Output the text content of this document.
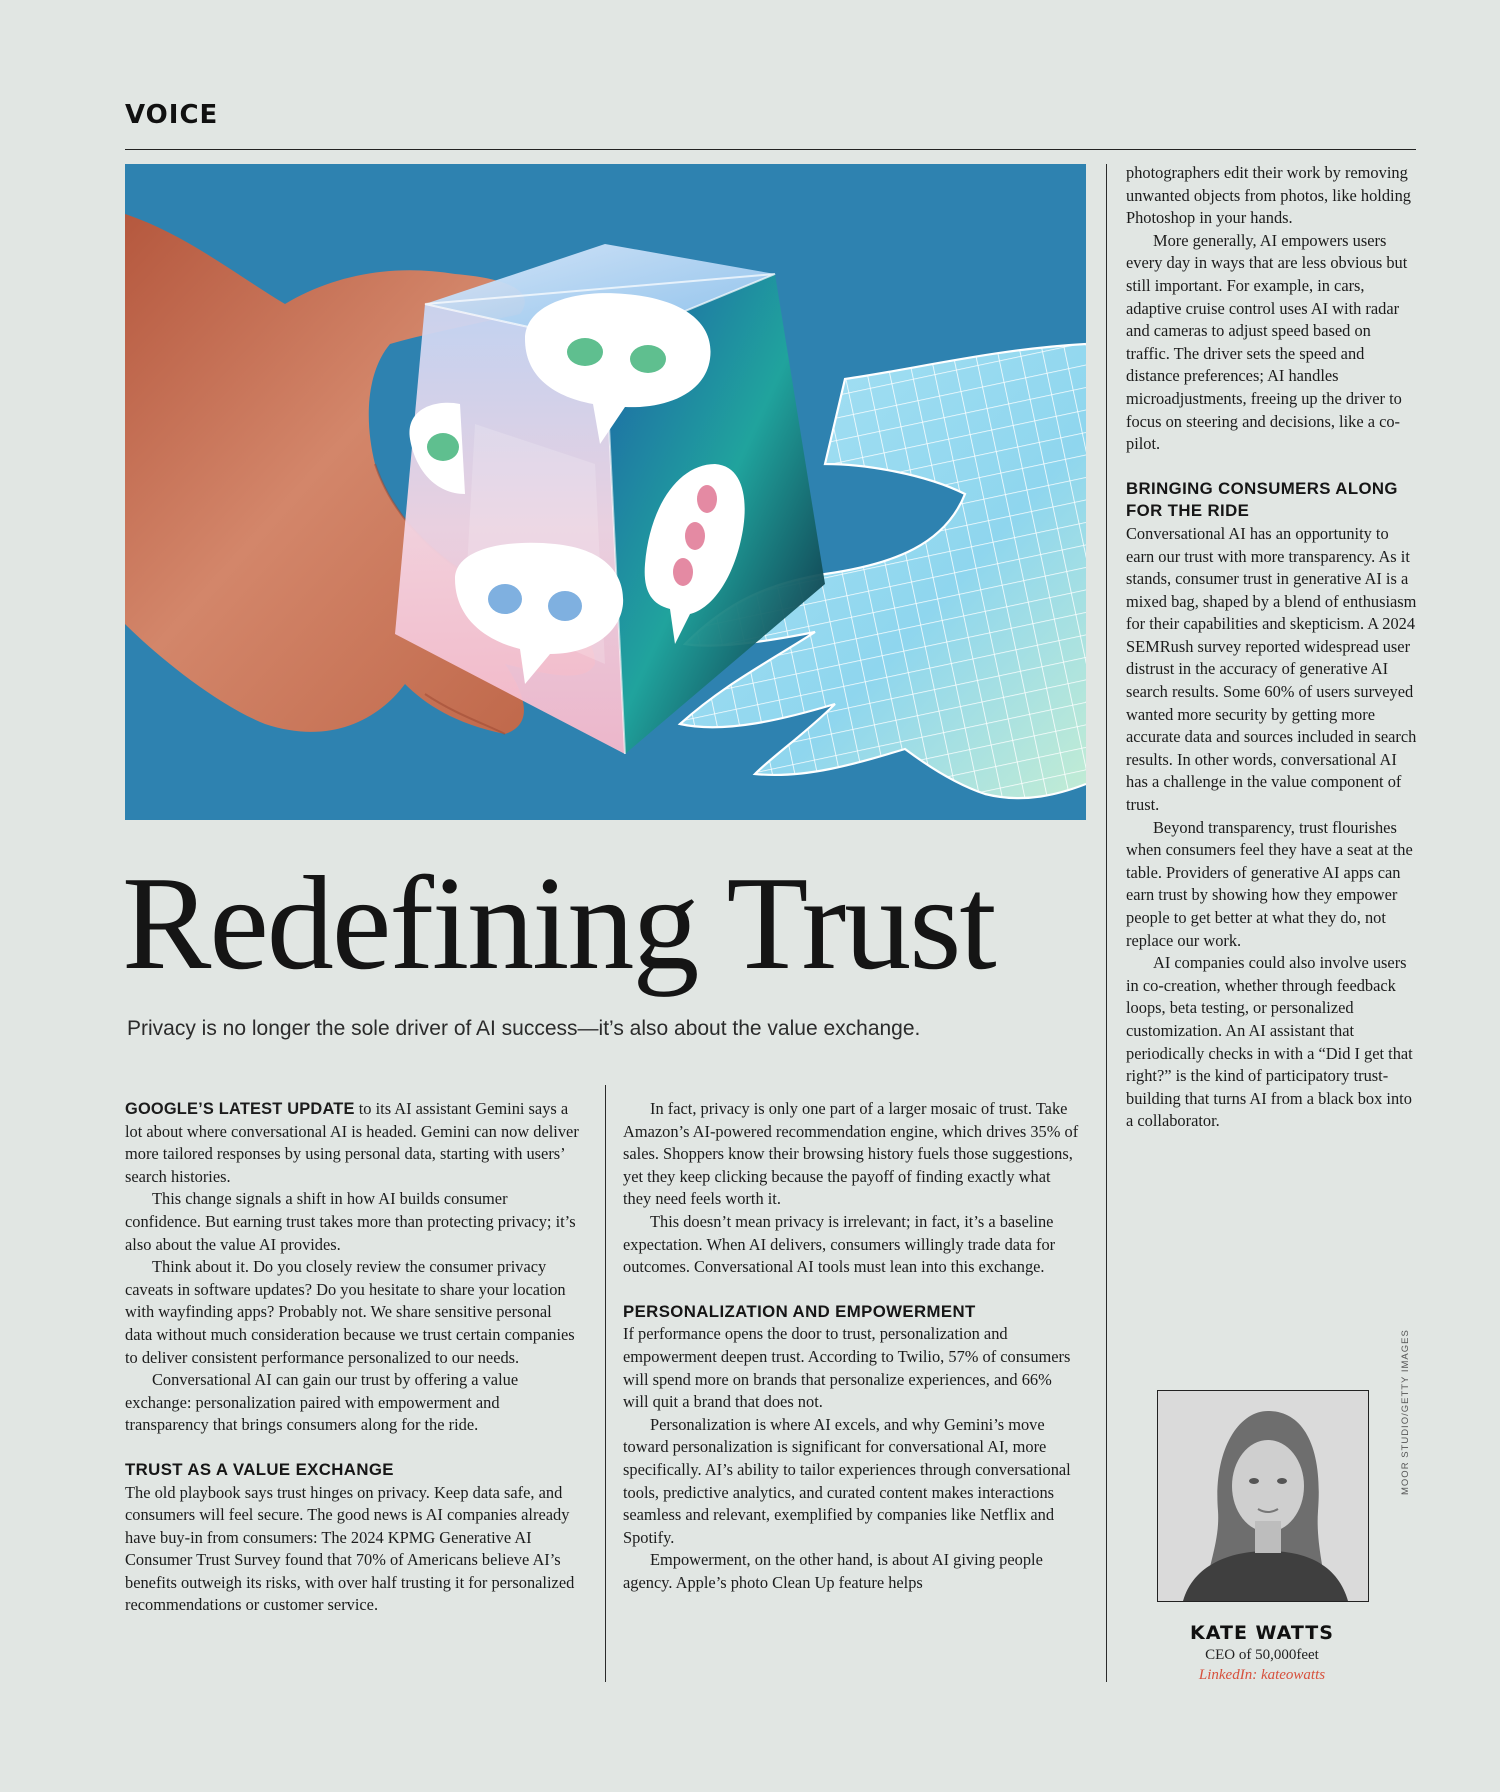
VOICE
Redefining Trust
Privacy is no longer the sole driver of AI success—it’s also about the value exchange.

GOOGLE’S LATEST UPDATE to its AI assistant Gemini says a lot about where conversational AI is headed. Gemini can now deliver more tailored responses by using personal data, starting with users’ search histories.

This change signals a shift in how AI builds consumer confidence. But earning trust takes more than protecting privacy; it’s also about the value AI provides.

Think about it. Do you closely review the consumer privacy caveats in software updates? Do you hesitate to share your location with wayfinding apps? Probably not. We share sensitive personal data without much consideration because we trust certain companies to deliver consistent performance personalized to our needs.

Conversational AI can gain our trust by offering a value exchange: personalization paired with empowerment and transparency that brings consumers along for the ride.

TRUST AS A VALUE EXCHANGE

The old playbook says trust hinges on privacy. Keep data safe, and consumers will feel secure. The good news is AI companies already have buy-in from consumers: The 2024 KPMG Generative AI Consumer Trust Survey found that 70% of Americans believe AI’s benefits outweigh its risks, with over half trusting it for personalized recommendations or customer service.

In fact, privacy is only one part of a larger mosaic of trust. Take Amazon’s AI-powered recommendation engine, which drives 35% of sales. Shoppers know their browsing history fuels those suggestions, yet they keep clicking because the payoff of finding exactly what they need feels worth it.

This doesn’t mean privacy is irrelevant; in fact, it’s a baseline expectation. When AI delivers, consumers willingly trade data for outcomes. Conversational AI tools must lean into this exchange.

PERSONALIZATION AND EMPOWERMENT

If performance opens the door to trust, personalization and empowerment deepen trust. According to Twilio, 57% of consumers will spend more on brands that personalize experiences, and 66% will quit a brand that does not.

Personalization is where AI excels, and why Gemini’s move toward personalization is significant for conversational AI, more specifically. AI’s ability to tailor experiences through conversational tools, predictive analytics, and curated content makes interactions seamless and relevant, exemplified by companies like Netflix and Spotify.

Empowerment, on the other hand, is about AI giving people agency. Apple’s photo Clean Up feature helps

photographers edit their work by removing unwanted objects from photos, like holding Photoshop in your hands.

More generally, AI empowers users every day in ways that are less obvious but still important. For example, in cars, adaptive cruise control uses AI with radar and cameras to adjust speed based on traffic. The driver sets the speed and distance preferences; AI handles microadjustments, freeing up the driver to focus on steering and decisions, like a co-pilot.

BRINGING CONSUMERS ALONG FOR THE RIDE

Conversational AI has an opportunity to earn our trust with more transparency. As it stands, consumer trust in generative AI is a mixed bag, shaped by a blend of enthusiasm for their capabilities and skepticism. A 2024 SEMRush survey reported widespread user distrust in the accuracy of generative AI search results. Some 60% of users surveyed wanted more security by getting more accurate data and sources included in search results. In other words, conversational AI has a challenge in the value component of trust.

Beyond transparency, trust flourishes when consumers feel they have a seat at the table. Providers of generative AI apps can earn trust by showing how they empower people to get better at what they do, not replace our work.

AI companies could also involve users in co-creation, whether through feedback loops, beta testing, or personalized customization. An AI assistant that periodically checks in with a “Did I get that right?” is the kind of participatory trust-building that turns AI from a black box into a collaborator.

KATE WATTS
CEO of 50,000feet
LinkedIn: kateowatts
MOOR STUDIO/GETTY IMAGES
